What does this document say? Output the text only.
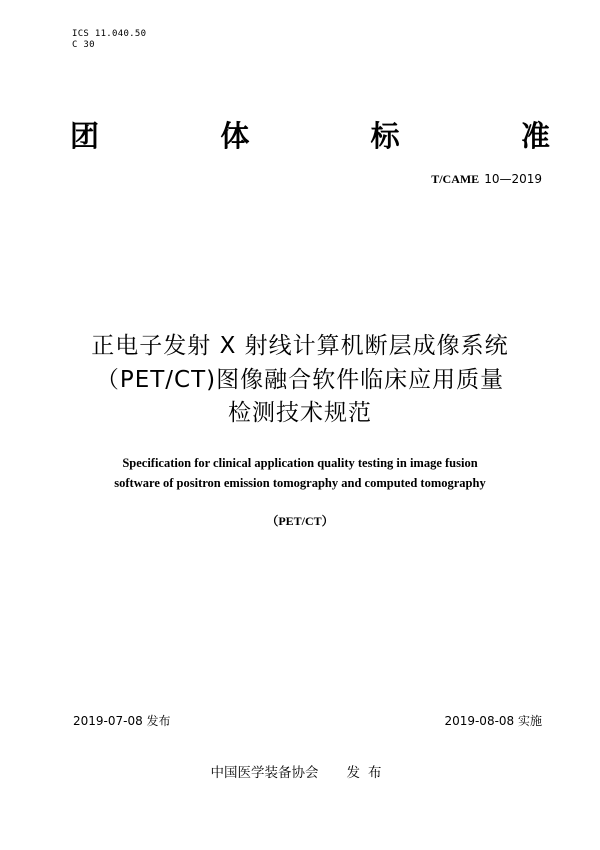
ICS 11.040.50
C 30
团	体	标	准
T/CAME 10—2019
正电子发射 X 射线计算机断层成像系统
（PET/CT)图像融合软件临床应用质量
检测技术规范
Specification for clinical application quality testing in image fusion
software of positron emission tomography and computed tomography
（PET/CT）
2019-07-08 发布	2019-08-08 实施
中国医学装备协会 发布
